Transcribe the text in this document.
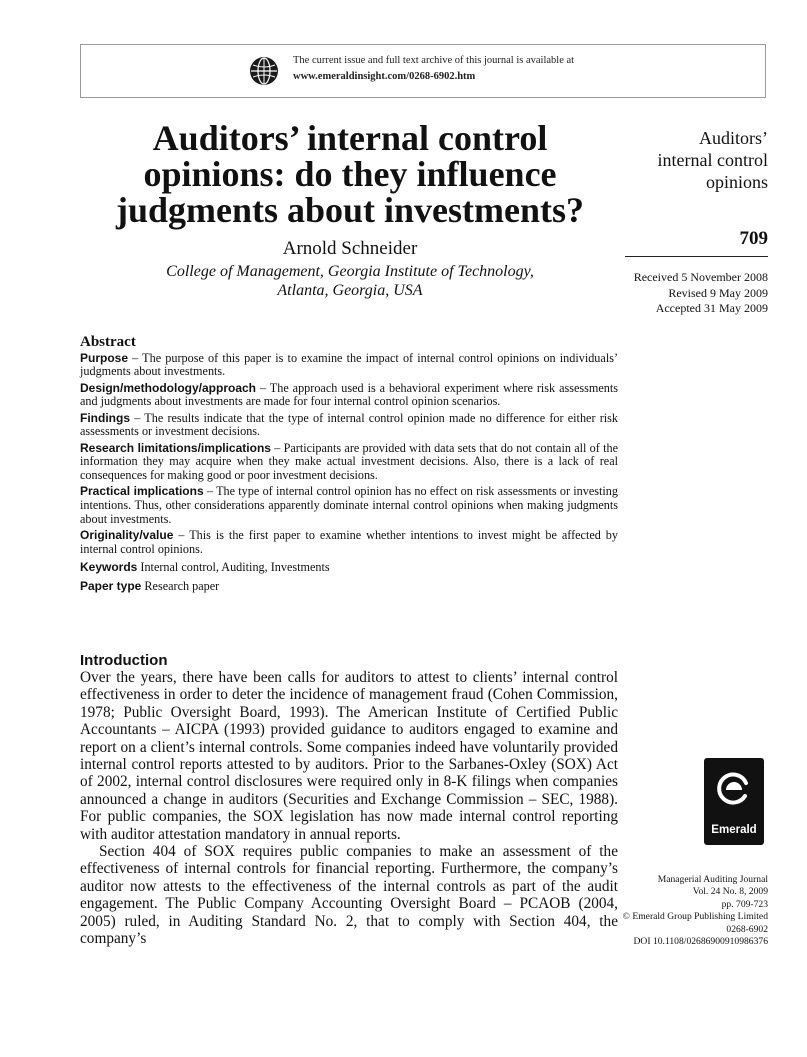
The current issue and full text archive of this journal is available at
www.emeraldinsight.com/0268-6902.htm
Auditors’ internal control
opinions: do they influence
judgments about investments?
Arnold Schneider
College of Management, Georgia Institute of Technology,
Atlanta, Georgia, USA
Auditors’
internal control
opinions
709
Received 5 November 2008
Revised 9 May 2009
Accepted 31 May 2009
Abstract

Purpose – The purpose of this paper is to examine the impact of internal control opinions on individuals’ judgments about investments.

Design/methodology/approach – The approach used is a behavioral experiment where risk assessments and judgments about investments are made for four internal control opinion scenarios.

Findings – The results indicate that the type of internal control opinion made no difference for either risk assessments or investment decisions.

Research limitations/implications – Participants are provided with data sets that do not contain all of the information they may acquire when they make actual investment decisions. Also, there is a lack of real consequences for making good or poor investment decisions.

Practical implications – The type of internal control opinion has no effect on risk assessments or investing intentions. Thus, other considerations apparently dominate internal control opinions when making judgments about investments.

Originality/value – This is the first paper to examine whether intentions to invest might be affected by internal control opinions.

Keywords Internal control, Auditing, Investments

Paper type Research paper

Introduction

Over the years, there have been calls for auditors to attest to clients’ internal control effectiveness in order to deter the incidence of management fraud (Cohen Commission, 1978; Public Oversight Board, 1993). The American Institute of Certified Public Accountants – AICPA (1993) provided guidance to auditors engaged to examine and report on a client’s internal controls. Some companies indeed have voluntarily provided internal control reports attested to by auditors. Prior to the Sarbanes-Oxley (SOX) Act of 2002, internal control disclosures were required only in 8-K filings when companies announced a change in auditors (Securities and Exchange Commission – SEC, 1988). For public companies, the SOX legislation has now made internal control reporting with auditor attestation mandatory in annual reports.

Section 404 of SOX requires public companies to make an assessment of the effectiveness of internal controls for financial reporting. Furthermore, the company’s auditor now attests to the effectiveness of the internal controls as part of the audit engagement. The Public Company Accounting Oversight Board – PCAOB (2004, 2005) ruled, in Auditing Standard No. 2, that to comply with Section 404, the company’s

Emerald
Managerial Auditing Journal
Vol. 24 No. 8, 2009
pp. 709-723
© Emerald Group Publishing Limited
0268-6902
DOI 10.1108/02686900910986376
